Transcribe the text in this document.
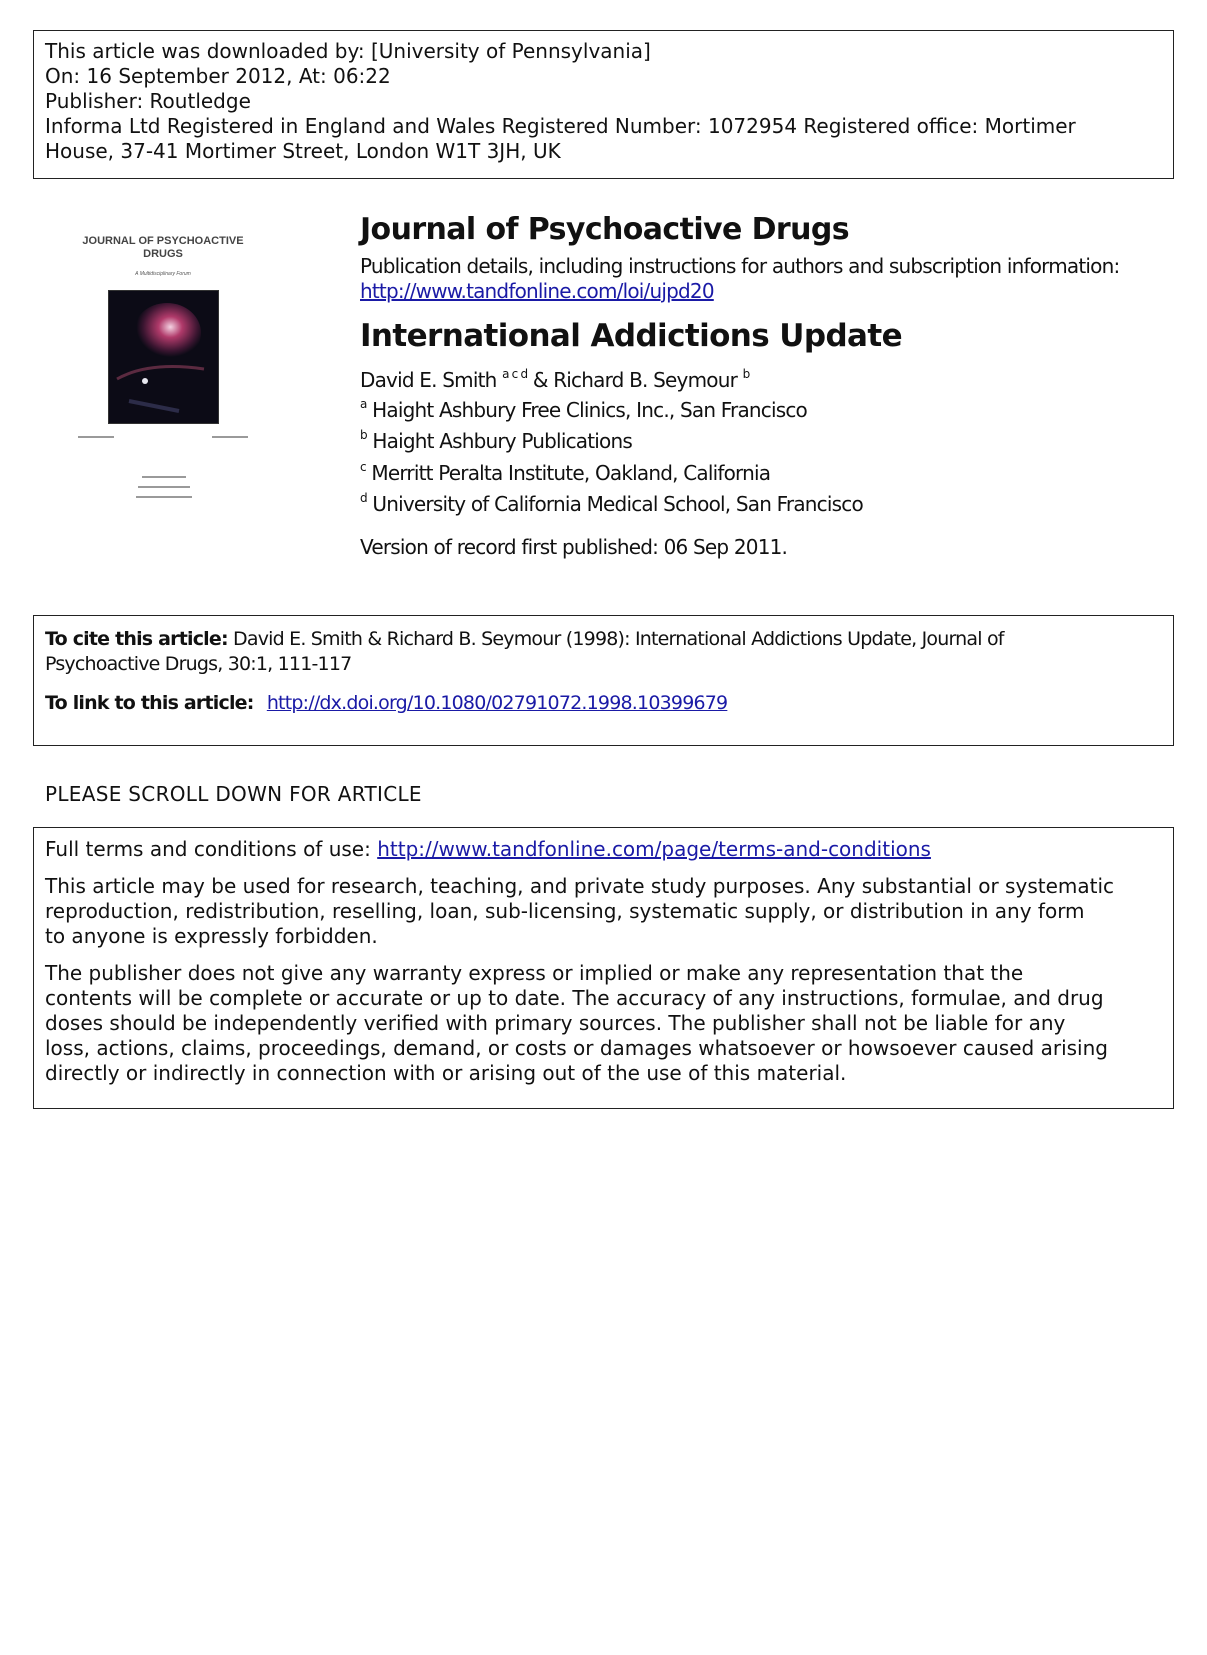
This article was downloaded by: [University of Pennsylvania]
On: 16 September 2012, At: 06:22
Publisher: Routledge
Informa Ltd Registered in England and Wales Registered Number: 1072954 Registered office: Mortimer
House, 37-41 Mortimer Street, London W1T 3JH, UK
JOURNAL OF PSYCHOACTIVE DRUGS
A Multidisciplinary Forum
Journal of Psychoactive Drugs
Publication details, including instructions for authors and subscription information:
http://www.tandfonline.com/loi/ujpd20
International Addictions Update
David E. Smith $^{a c d}$ & Richard B. Seymour $^b$
$^a$ Haight Ashbury Free Clinics, Inc., San Francisco
$^b$ Haight Ashbury Publications
$^c$ Merritt Peralta Institute, Oakland, California
$^d$ University of California Medical School, San Francisco
Version of record first published: 06 Sep 2011.
To cite this article: David E. Smith & Richard B. Seymour (1998): International Addictions Update, Journal of
Psychoactive Drugs, 30:1, 111-117
To link to this article: http://dx.doi.org/10.1080/02791072.1998.10399679
PLEASE SCROLL DOWN FOR ARTICLE

Full terms and conditions of use: http://www.tandfonline.com/page/terms-and-conditions

This article may be used for research, teaching, and private study purposes. Any substantial or systematic
reproduction, redistribution, reselling, loan, sub-licensing, systematic supply, or distribution in any form
to anyone is expressly forbidden.

The publisher does not give any warranty express or implied or make any representation that the
contents will be complete or accurate or up to date. The accuracy of any instructions, formulae, and drug
doses should be independently verified with primary sources. The publisher shall not be liable for any
loss, actions, claims, proceedings, demand, or costs or damages whatsoever or howsoever caused arising
directly or indirectly in connection with or arising out of the use of this material.
